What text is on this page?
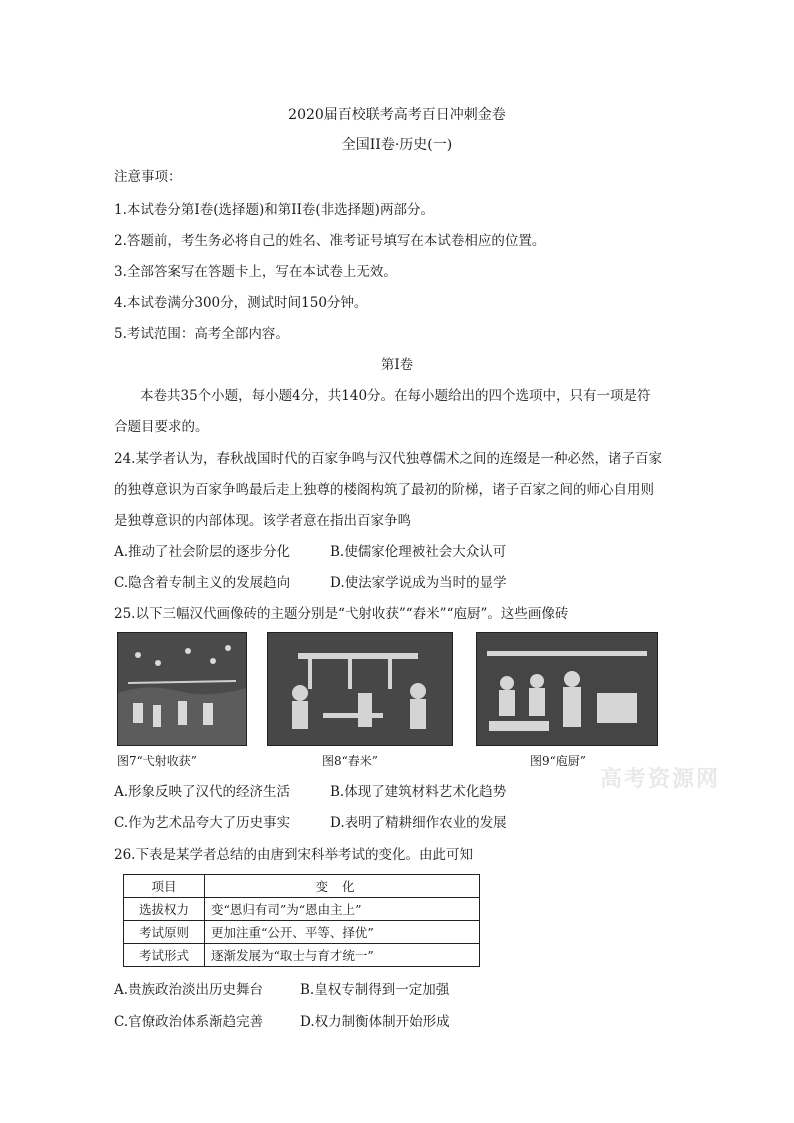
2020届百校联考高考百日冲刺金卷
全国II卷·历史(一)
注意事项：
1.本试卷分第I卷(选择题)和第II卷(非选择题)两部分。
2.答题前，考生务必将自己的姓名、准考证号填写在本试卷相应的位置。
3.全部答案写在答题卡上，写在本试卷上无效。
4.本试卷满分300分，测试时间150分钟。
5.考试范围：高考全部内容。
第I卷
本卷共35个小题，每小题4分，共140分。在每小题给出的四个选项中，只有一项是符
合题目要求的。
24.某学者认为，春秋战国时代的百家争鸣与汉代独尊儒术之间的连缀是一种必然，诸子百家
的独尊意识为百家争鸣最后走上独尊的楼阁构筑了最初的阶梯，诸子百家之间的师心自用则
是独尊意识的内部体现。该学者意在指出百家争鸣
A.推动了社会阶层的逐步分化	B.使儒家伦理被社会大众认可
C.隐含着专制主义的发展趋向	D.使法家学说成为当时的显学
25.以下三幅汉代画像砖的主题分别是“弋射收获”“舂米”“庖厨”。这些画像砖
图7“弋射收获”	图8“舂米”	图9“庖厨”
高考资源网
A.形象反映了汉代的经济生活	B.体现了建筑材料艺术化趋势
C.作为艺术品夸大了历史事实	D.表明了精耕细作农业的发展
26.下表是某学者总结的由唐到宋科举考试的变化。由此可知
项目	变化
选拔权力	变“恩归有司”为“恩由主上”
考试原则	更加注重“公开、平等、择优”
考试形式	逐渐发展为“取士与育才统一”
A.贵族政治淡出历史舞台	B.皇权专制得到一定加强
C.官僚政治体系渐趋完善	D.权力制衡体制开始形成
